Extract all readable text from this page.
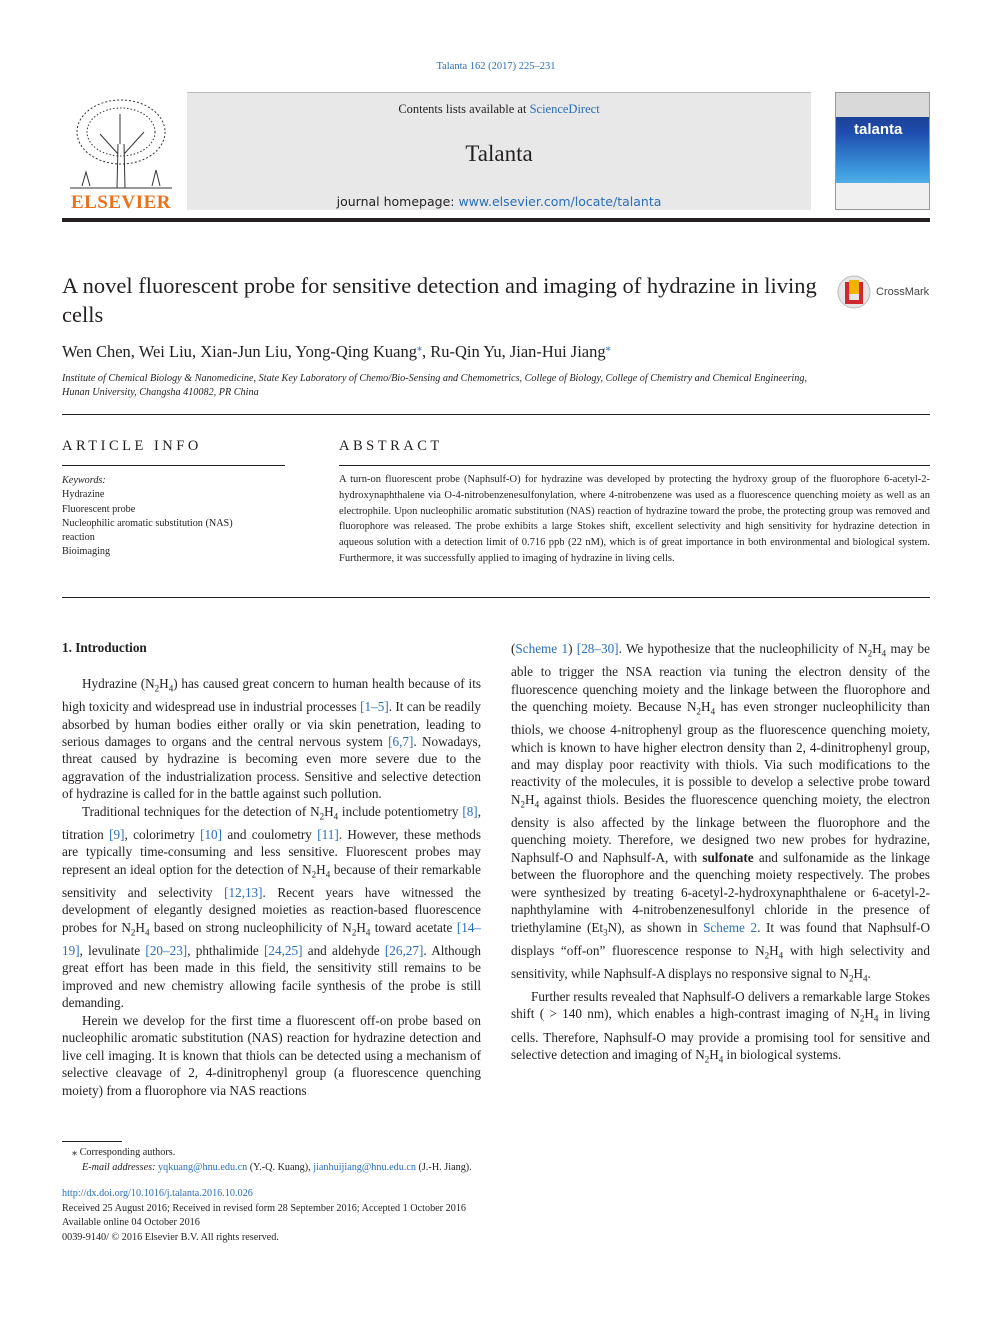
Talanta 162 (2017) 225–231
ELSEVIER
Contents lists available at ScienceDirect
Talanta
journal homepage: www.elsevier.com/locate/talanta
talanta
A novel fluorescent probe for sensitive detection and imaging of hydrazine in living cells
CrossMark
Wen Chen, Wei Liu, Xian-Jun Liu, Yong-Qing Kuang⁎, Ru-Qin Yu, Jian-Hui Jiang⁎
Institute of Chemical Biology & Nanomedicine, State Key Laboratory of Chemo/Bio-Sensing and Chemometrics, College of Biology, College of Chemistry and Chemical Engineering, Hunan University, Changsha 410082, PR China
ARTICLE INFO	ABSTRACT
Keywords:
Hydrazine
Fluorescent probe
Nucleophilic aromatic substitution (NAS)
reaction
Bioimaging
A turn-on fluorescent probe (Naphsulf-O) for hydrazine was developed by protecting the hydroxy group of the fluorophore 6-acetyl-2-hydroxynaphthalene via O-4-nitrobenzenesulfonylation, where 4-nitrobenzene was used as a fluorescence quenching moiety as well as an electrophile. Upon nucleophilic aromatic substitution (NAS) reaction of hydrazine toward the probe, the protecting group was removed and fluorophore was released. The probe exhibits a large Stokes shift, excellent selectivity and high sensitivity for hydrazine detection in aqueous solution with a detection limit of 0.716 ppb (22 nM), which is of great importance in both environmental and biological system. Furthermore, it was successfully applied to imaging of hydrazine in living cells.
1. Introduction

Hydrazine $(N_2H_4)$ has caused great concern to human health because of its high toxicity and widespread use in industrial processes [1–5]. It can be readily absorbed by human bodies either orally or via skin penetration, leading to serious damages to organs and the central nervous system [6,7]. Nowadays, threat caused by hydrazine is becoming even more severe due to the aggravation of the industrialization process. Sensitive and selective detection of hydrazine is called for in the battle against such pollution.

Traditional techniques for the detection of $N_2H_4$ include potentiometry [8], titration [9], colorimetry [10] and coulometry [11]. However, these methods are typically time-consuming and less sensitive. Fluorescent probes may represent an ideal option for the detection of $N_2H_4$ because of their remarkable sensitivity and selectivity [12,13]. Recent years have witnessed the development of elegantly designed moieties as reaction-based fluorescence probes for $N_2H_4$ based on strong nucleophilicity of $N_2H_4$ toward acetate [14–19], levulinate [20–23], phthalimide [24,25] and aldehyde [26,27]. Although great effort has been made in this field, the sensitivity still remains to be improved and new chemistry allowing facile synthesis of the probe is still demanding.

Herein we develop for the first time a fluorescent off-on probe based on nucleophilic aromatic substitution (NAS) reaction for hydrazine detection and live cell imaging. It is known that thiols can be detected using a mechanism of selective cleavage of 2, 4-dinitrophenyl group (a fluorescence quenching moiety) from a fluorophore via NAS reactions

(Scheme 1) [28–30]. We hypothesize that the nucleophilicity of $N_2H_4$ may be able to trigger the NSA reaction via tuning the electron density of the fluorescence quenching moiety and the linkage between the fluorophore and the quenching moiety. Because $N_2H_4$ has even stronger nucleophilicity than thiols, we choose 4-nitrophenyl group as the fluorescence quenching moiety, which is known to have higher electron density than 2, 4-dinitrophenyl group, and may display poor reactivity with thiols. Via such modifications to the reactivity of the molecules, it is possible to develop a selective probe toward $N_2H_4$ against thiols. Besides the fluorescence quenching moiety, the electron density is also affected by the linkage between the fluorophore and the quenching moiety. Therefore, we designed two new probes for hydrazine, Naphsulf-O and Naphsulf-A, with sulfonate and sulfonamide as the linkage between the fluorophore and the quenching moiety respectively. The probes were synthesized by treating 6-acetyl-2-hydroxynaphthalene or 6-acetyl-2-naphthylamine with 4-nitrobenzenesulfonyl chloride in the presence of triethylamine $(Et_3N)$, as shown in Scheme 2. It was found that Naphsulf-O displays “off-on” fluorescence response to $N_2H_4$ with high selectivity and sensitivity, while Naphsulf-A displays no responsive signal to $N_2H_4$.

Further results revealed that Naphsulf-O delivers a remarkable large Stokes shift ( > 140 nm), which enables a high-contrast imaging of $N_2H_4$ in living cells. Therefore, Naphsulf-O may provide a promising tool for sensitive and selective detection and imaging of $N_2H_4$ in biological systems.

⁎ Corresponding authors.
E-mail addresses: yqkuang@hnu.edu.cn (Y.-Q. Kuang), jianhuijiang@hnu.edu.cn (J.-H. Jiang).
http://dx.doi.org/10.1016/j.talanta.2016.10.026
Received 25 August 2016; Received in revised form 28 September 2016; Accepted 1 October 2016
Available online 04 October 2016
0039-9140/ © 2016 Elsevier B.V. All rights reserved.
